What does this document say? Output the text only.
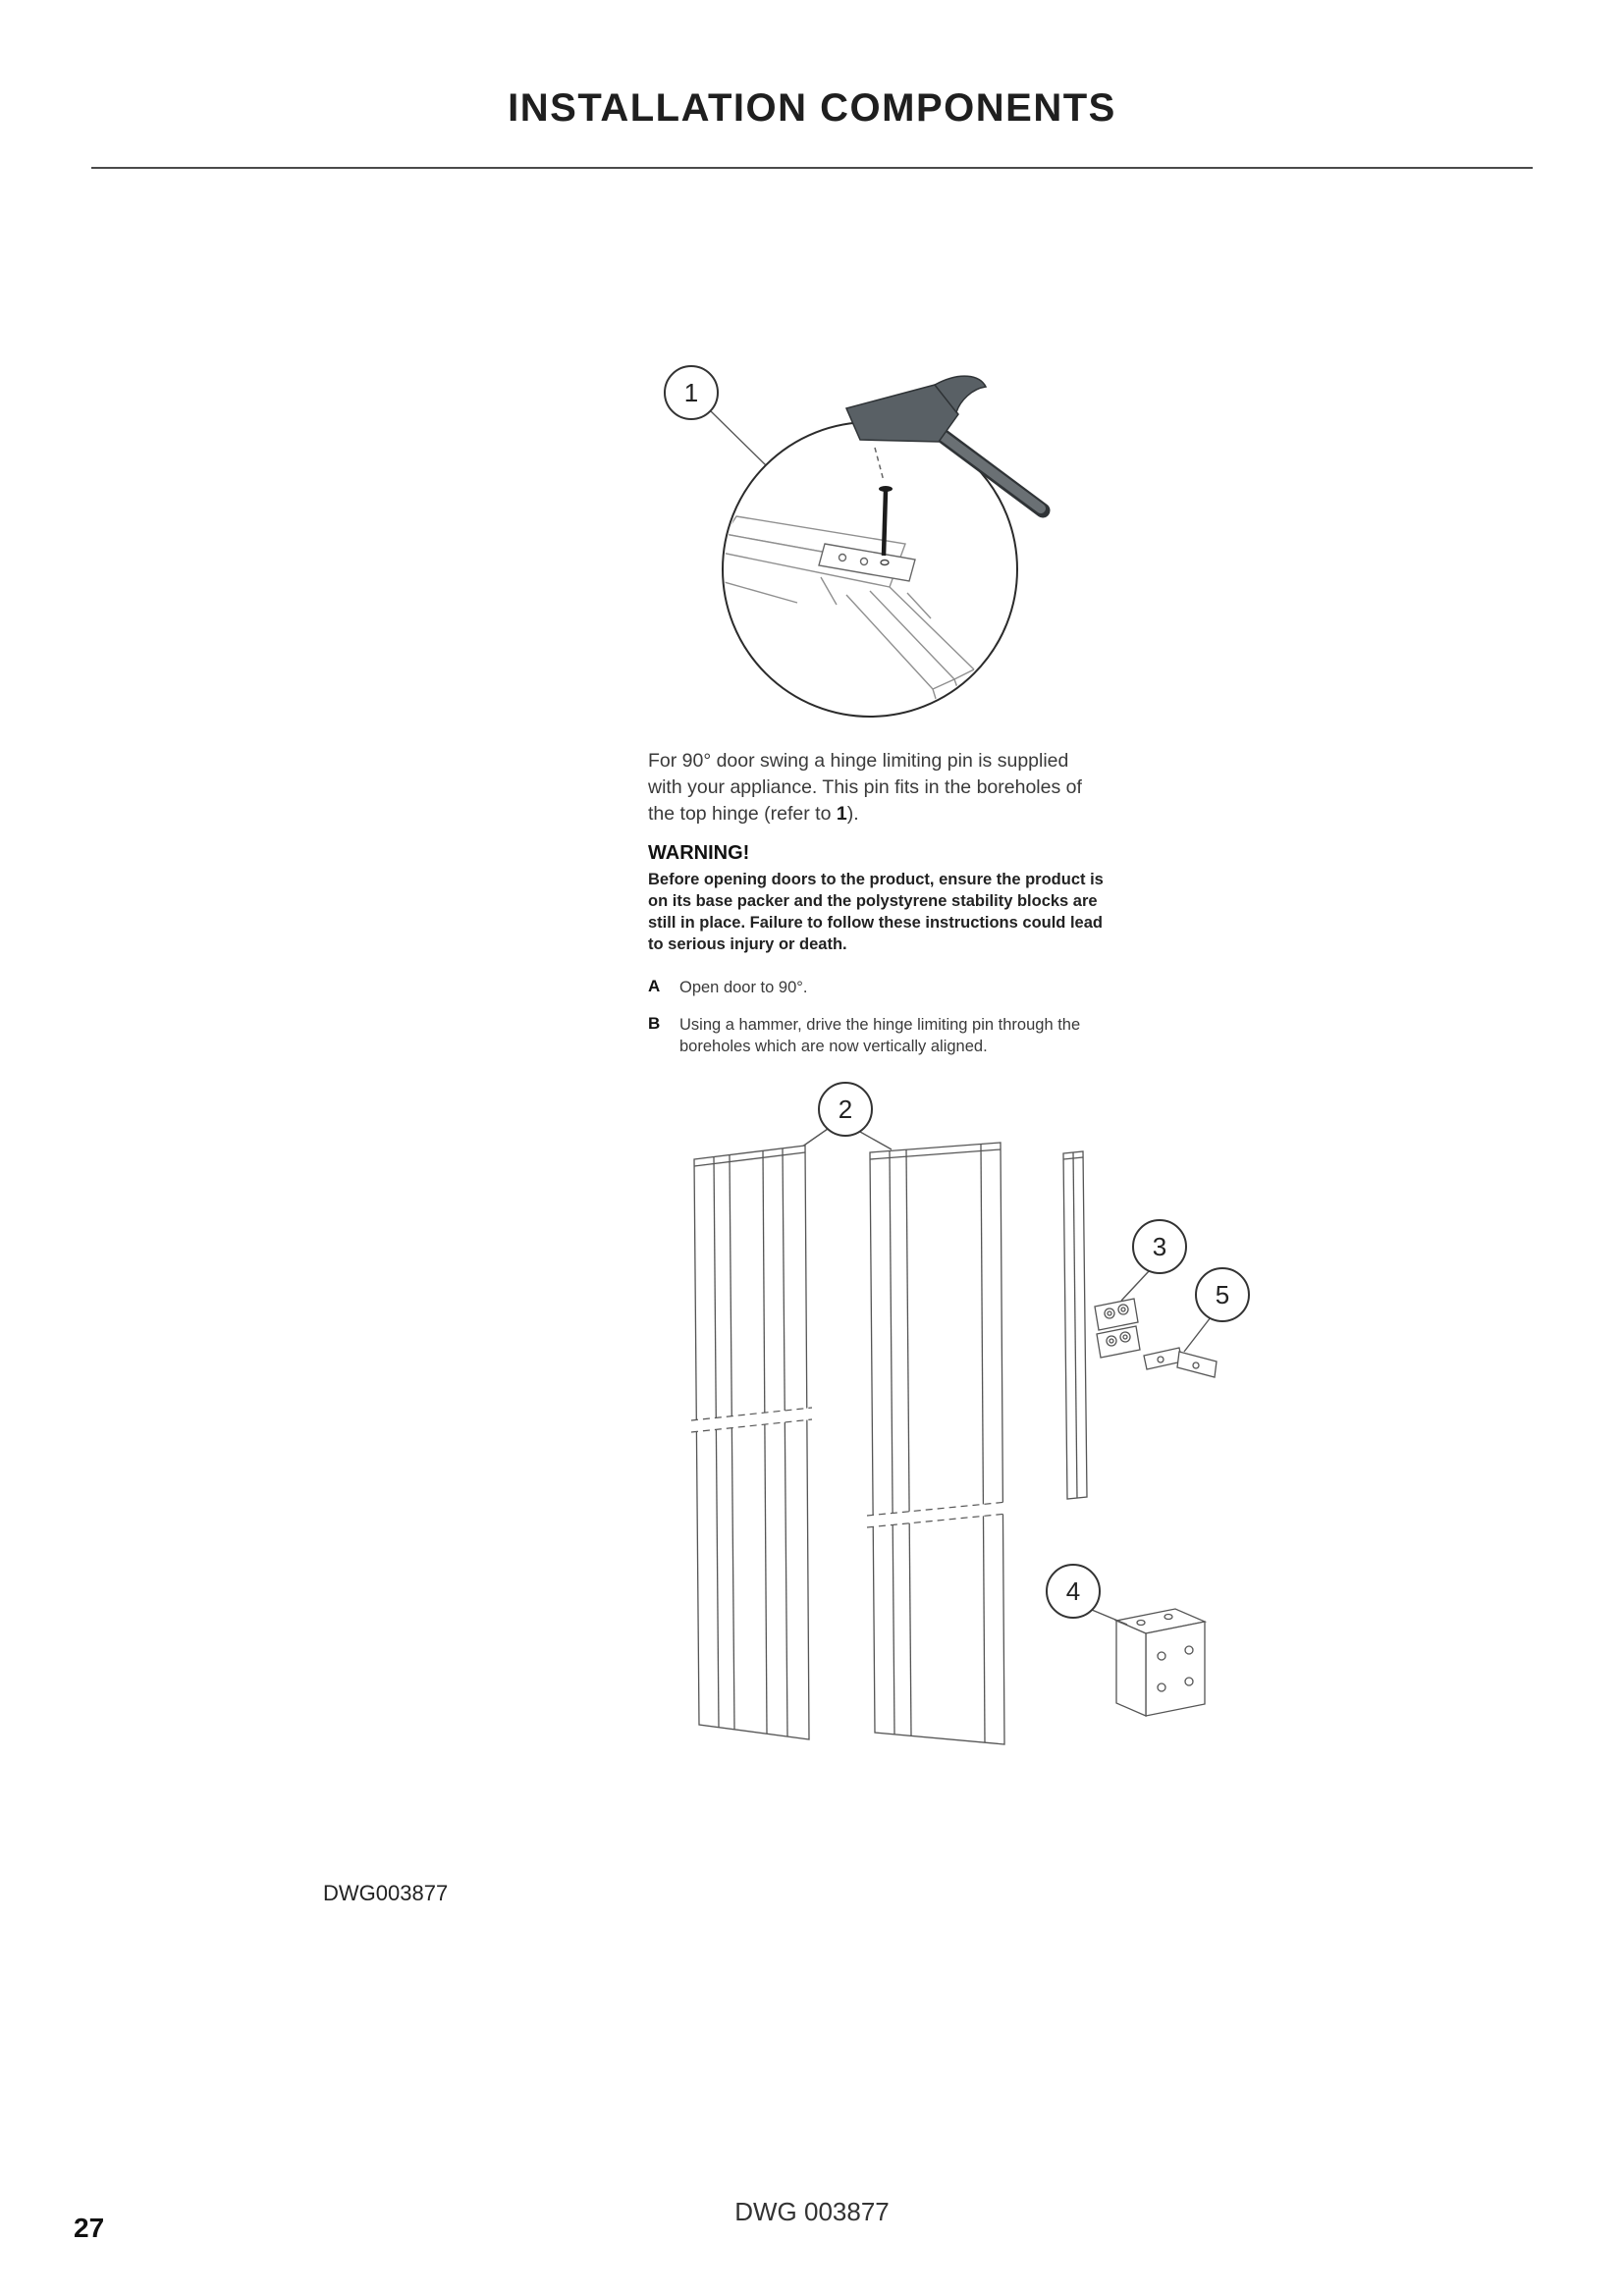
INSTALLATION COMPONENTS
1

For 90° door swing a hinge limiting pin is supplied with your appliance. This pin fits in the boreholes of the top hinge (refer to 1).

WARNING!

Before opening doors to the product, ensure the product is on its base packer and the polystyrene stability blocks are still in place. Failure to follow these instructions could lead to serious injury or death.

A	Open door to 90°.
B	Using a hammer, drive the hinge limiting pin through the boreholes which are now vertically aligned.
2
3
5
4
DWG003877
DWG 003877
27
